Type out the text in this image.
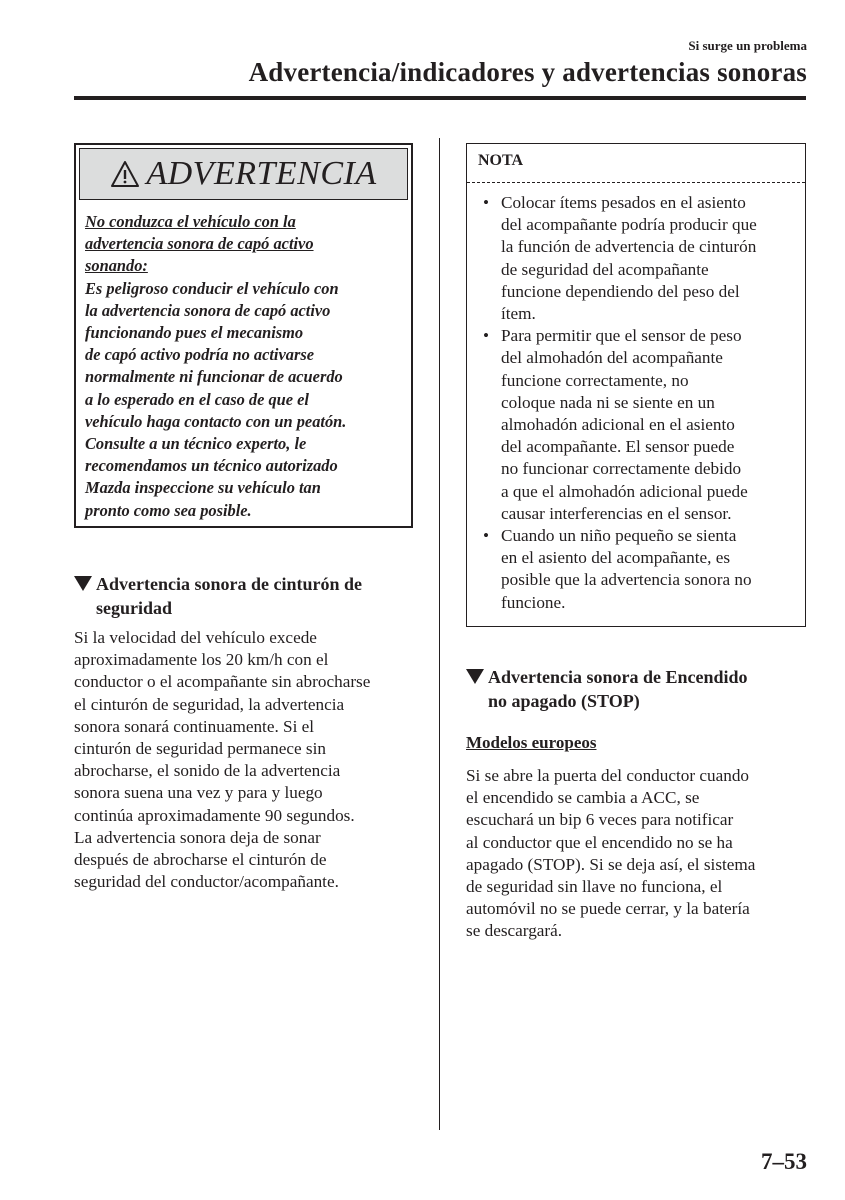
Si surge un problema
Advertencia/indicadores y advertencias sonoras
ADVERTENCIA

No conduzca el vehículo con la

advertencia sonora de capó activo

sonando:

Es peligroso conducir el vehículo con

la advertencia sonora de capó activo

funcionando pues el mecanismo

de capó activo podría no activarse

normalmente ni funcionar de acuerdo

a lo esperado en el caso de que el

vehículo haga contacto con un peatón.

Consulte a un técnico experto, le

recomendamos un técnico autorizado

Mazda inspeccione su vehículo tan

pronto como sea posible.

Advertencia sonora de cinturón de
seguridad

Si la velocidad del vehículo excede

aproximadamente los 20 km/h con el

conductor o el acompañante sin abrocharse

el cinturón de seguridad, la advertencia

sonora sonará continuamente. Si el

cinturón de seguridad permanece sin

abrocharse, el sonido de la advertencia

sonora suena una vez y para y luego

continúa aproximadamente 90 segundos.

La advertencia sonora deja de sonar

después de abrocharse el cinturón de

seguridad del conductor/acompañante.

NOTA
• Colocar ítems pesados en el asiento
del acompañante podría producir que
la función de advertencia de cinturón
de seguridad del acompañante
funcione dependiendo del peso del
ítem.
• Para permitir que el sensor de peso
del almohadón del acompañante
funcione correctamente, no
coloque nada ni se siente en un
almohadón adicional en el asiento
del acompañante. El sensor puede
no funcionar correctamente debido
a que el almohadón adicional puede
causar interferencias en el sensor.
• Cuando un niño pequeño se sienta
en el asiento del acompañante, es
posible que la advertencia sonora no
funcione.
Advertencia sonora de Encendido
no apagado (STOP)
Modelos europeos

Si se abre la puerta del conductor cuando

el encendido se cambia a ACC, se

escuchará un bip 6 veces para notificar

al conductor que el encendido no se ha

apagado (STOP). Si se deja así, el sistema

de seguridad sin llave no funciona, el

automóvil no se puede cerrar, y la batería

se descargará.

7–53
